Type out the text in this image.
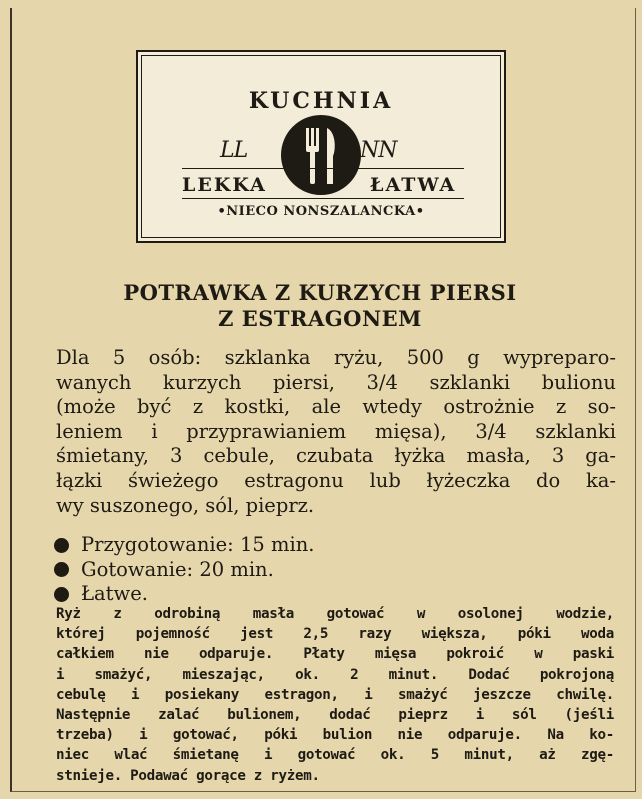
KUCHNIA
LL	NN
LEKKA	ŁATWA
•NIECO NONSZALANCKA•
POTRAWKA Z KURZYCH PIERSI
Z ESTRAGONEM
Dla 5 osób: szklanka ryżu, 500 g wypreparo-
wanych kurzych piersi, 3/4 szklanki bulionu
(może być z kostki, ale wtedy ostrożnie z so-
leniem i przyprawianiem mięsa), 3/4 szklanki
śmietany, 3 cebule, czubata łyżka masła, 3 ga-
łązki świeżego estragonu lub łyżeczka do ka-
wy suszonego, sól, pieprz.
Przygotowanie: 15 min.
Gotowanie: 20 min.
Łatwe.
Ryż z odrobiną masła gotować w osolonej wodzie,
której pojemność jest 2,5 razy większa, póki woda
całkiem nie odparuje. Płaty mięsa pokroić w paski
i smażyć, mieszając, ok. 2 minut. Dodać pokrojoną
cebulę i posiekany estragon, i smażyć jeszcze chwilę.
Następnie zalać bulionem, dodać pieprz i sól (jeśli
trzeba) i gotować, póki bulion nie odparuje. Na ko-
niec wlać śmietanę i gotować ok. 5 minut, aż zgę-
stnieje. Podawać gorące z ryżem.
